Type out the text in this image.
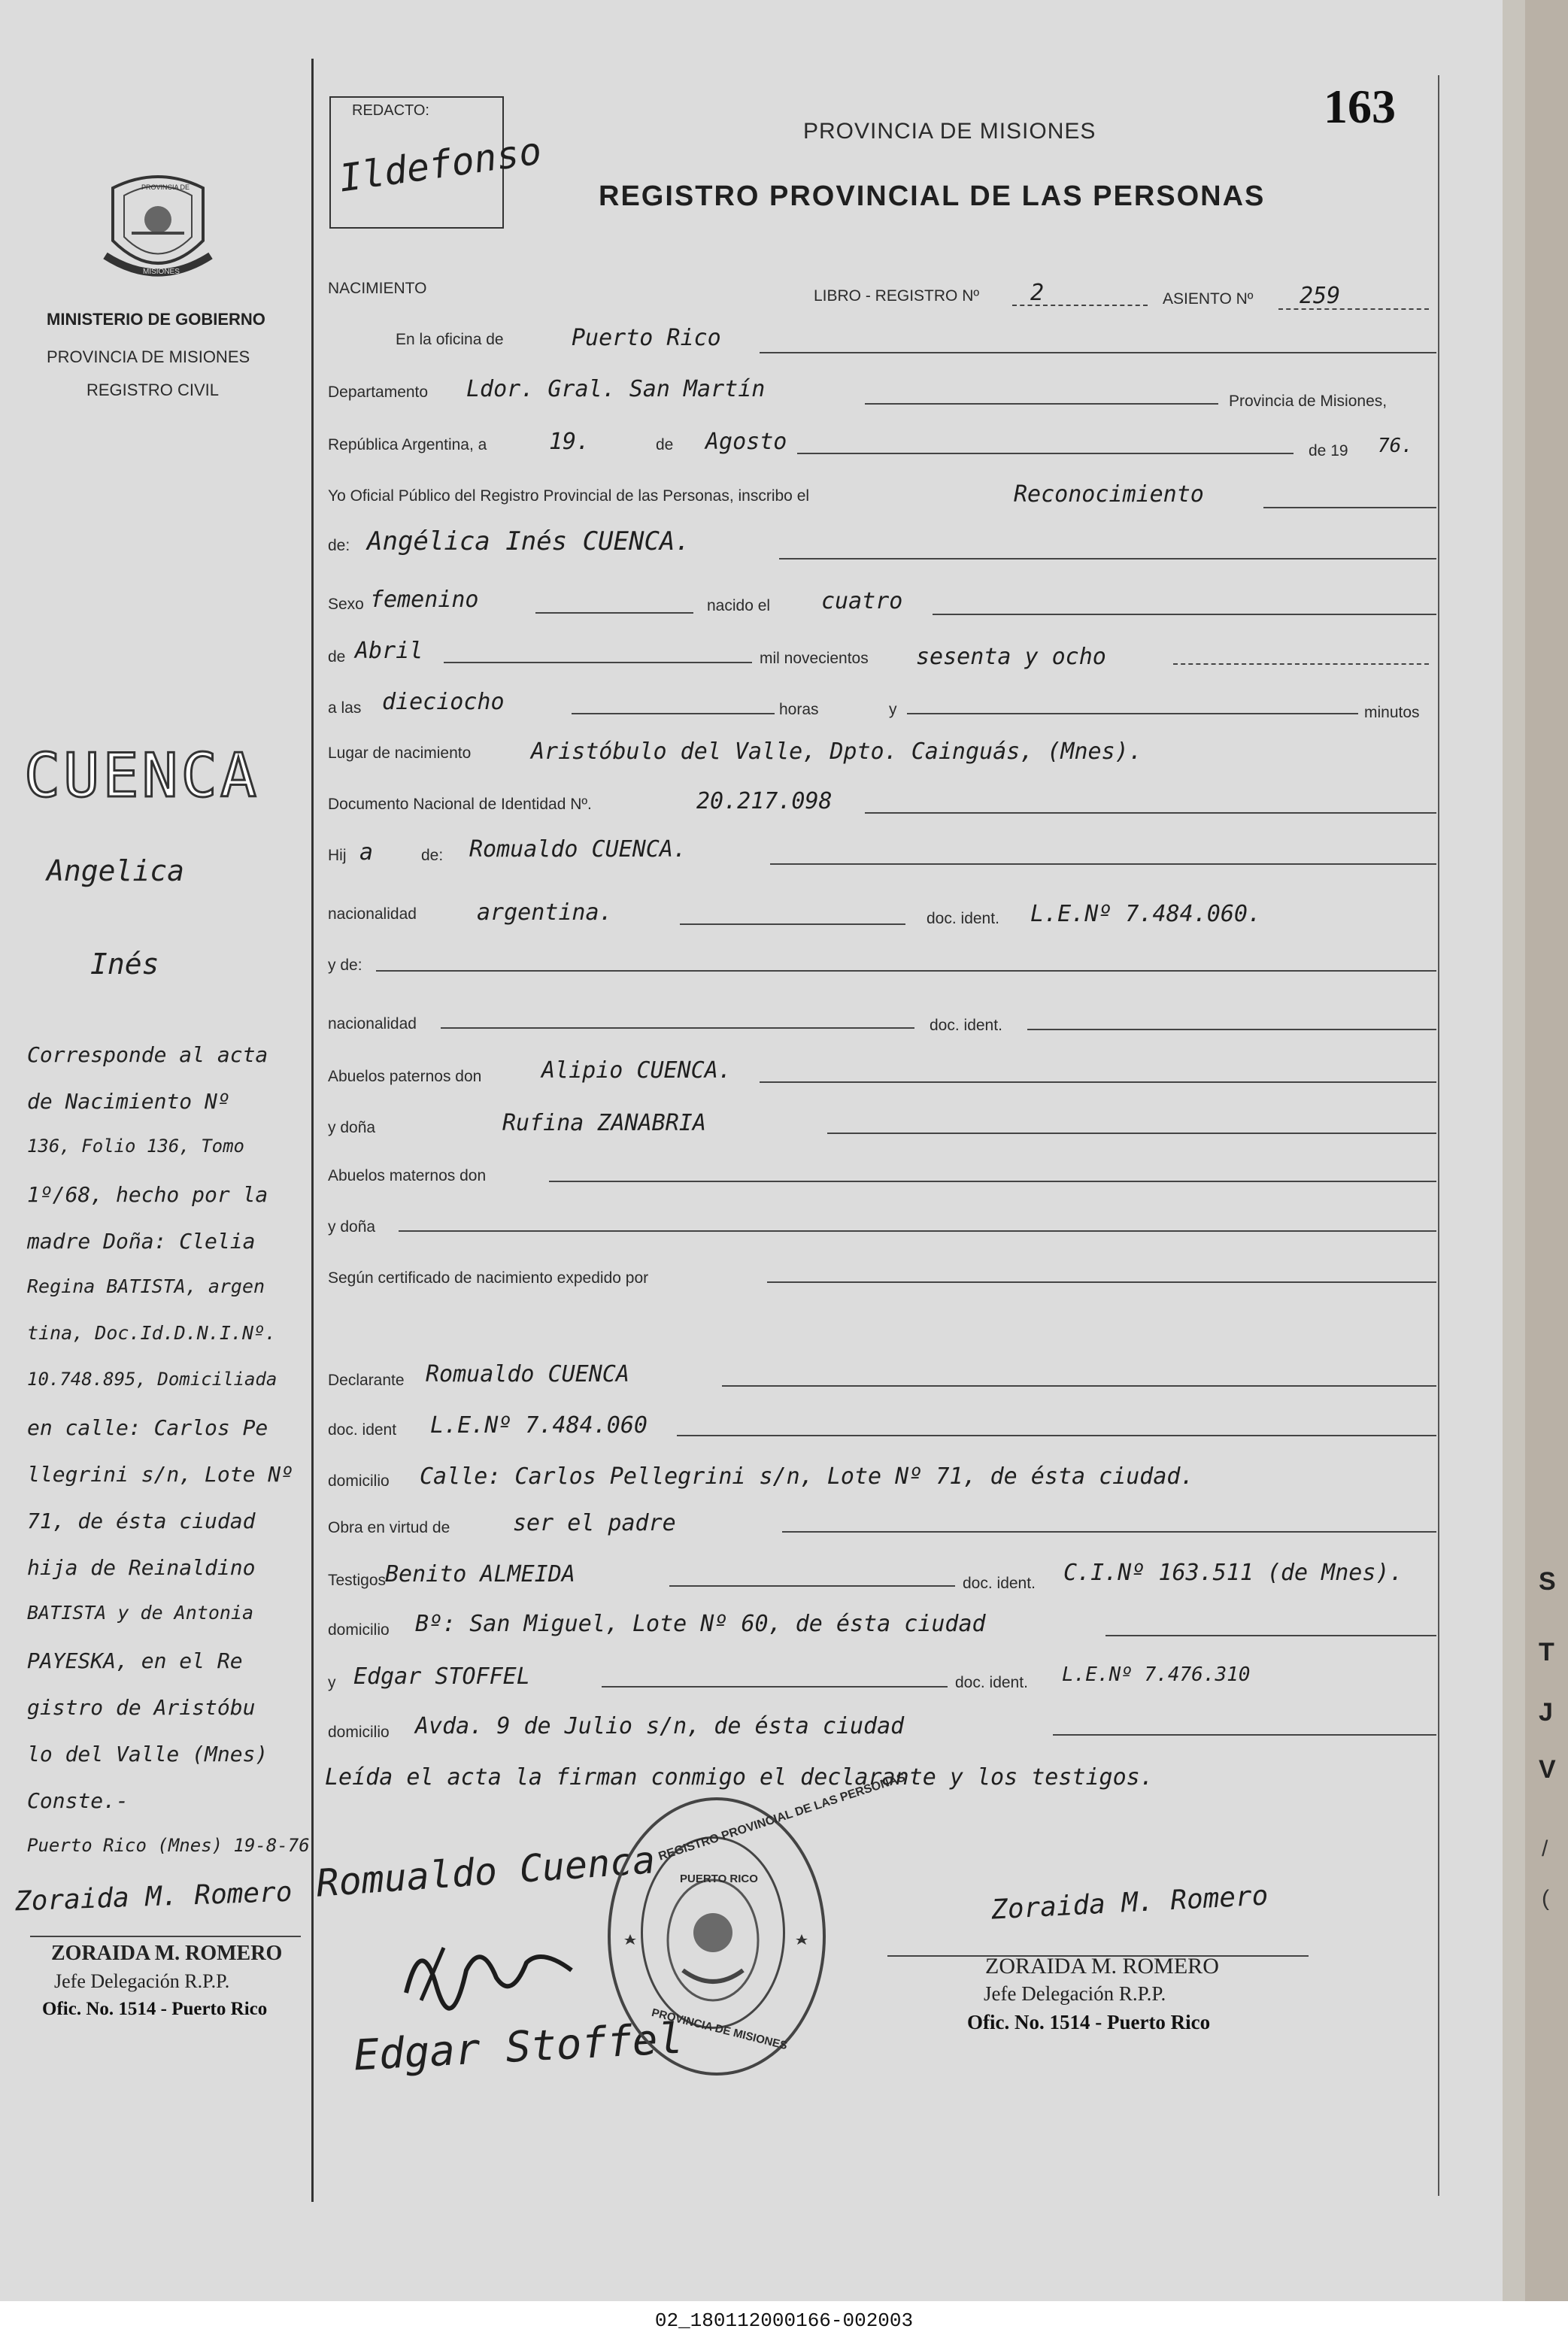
163
REDACTO:
Ildefonso	PROVINCIA DE MISIONES
REGISTRO PROVINCIAL DE LAS PERSONAS
PROVINCIA DE
MISIONES
MINISTERIO DE GOBIERNO
PROVINCIA DE MISIONES
REGISTRO CIVIL
NACIMIENTO	LIBRO - REGISTRO Nº 2	ASIENTO Nº 259
En la oficina de	Puerto Rico
Departamento Ldor. Gral. San Martín	Provincia de Misiones,
República Argentina, a	19.	de Agosto	de 19 76.
Yo Oficial Público del Registro Provincial de las Personas, inscribo el	Reconocimiento
de: Angélica Inés CUENCA.
Sexo femenino	nacido el cuatro
de Abril	mil novecientos sesenta y ocho
a las dieciocho	horas	y	minutos
Lugar de nacimiento	Aristóbulo del Valle, Dpto. Cainguás, (Mnes).
Documento Nacional de Identidad Nº.	20.217.098
Hij a	de: Romualdo CUENCA.
nacionalidad	argentina.	doc. ident. L.E.Nº 7.484.060.
y de:
nacionalidad	doc. ident.
Abuelos paternos don	Alipio CUENCA.
y doña	Rufina ZANABRIA
Abuelos maternos don
y doña
Según certificado de nacimiento expedido por
Declarante Romualdo CUENCA
doc. ident L.E.Nº 7.484.060
domicilio Calle: Carlos Pellegrini s/n, Lote Nº 71, de ésta ciudad.
Obra en virtud de	ser el padre
Testigos
Benito ALMEIDA	doc. ident. C.I.Nº 163.511 (de Mnes).
domicilio Bº: San Miguel, Lote Nº 60, de ésta ciudad
y Edgar STOFFEL	doc. ident. L.E.Nº 7.476.310
domicilio Avda. 9 de Julio s/n, de ésta ciudad
Leída el acta la firman conmigo el declarante y los testigos.
Romualdo Cuenca
Edgar Stoffel
REGISTRO PROVINCIAL DE LAS PERSONAS
PUERTO RICO
PROVINCIA DE MISIONES
Zoraida M. Romero
ZORAIDA M. ROMERO
Jefe Delegación R.P.P.
Ofic. No. 1514 - Puerto Rico
CUENCA
Angelica
Inés
Corresponde al acta
de Nacimiento Nº
136, Folio 136, Tomo
1º/68, hecho por la
madre Doña: Clelia
Regina BATISTA, argen
tina, Doc.Id.D.N.I.Nº.
10.748.895, Domiciliada
en calle: Carlos Pe
llegrini s/n, Lote Nº
71, de ésta ciudad
hija de Reinaldino
BATISTA y de Antonia
PAYESKA, en el Re
gistro de Aristóbu
lo del Valle (Mnes)
Conste.-
Puerto Rico (Mnes) 19-8-76
Zoraida M. Romero
ZORAIDA M. ROMERO
Jefe Delegación R.P.P.
Ofic. No. 1514 - Puerto Rico
S
T
J
V
/
(
02_180112000166-002003
